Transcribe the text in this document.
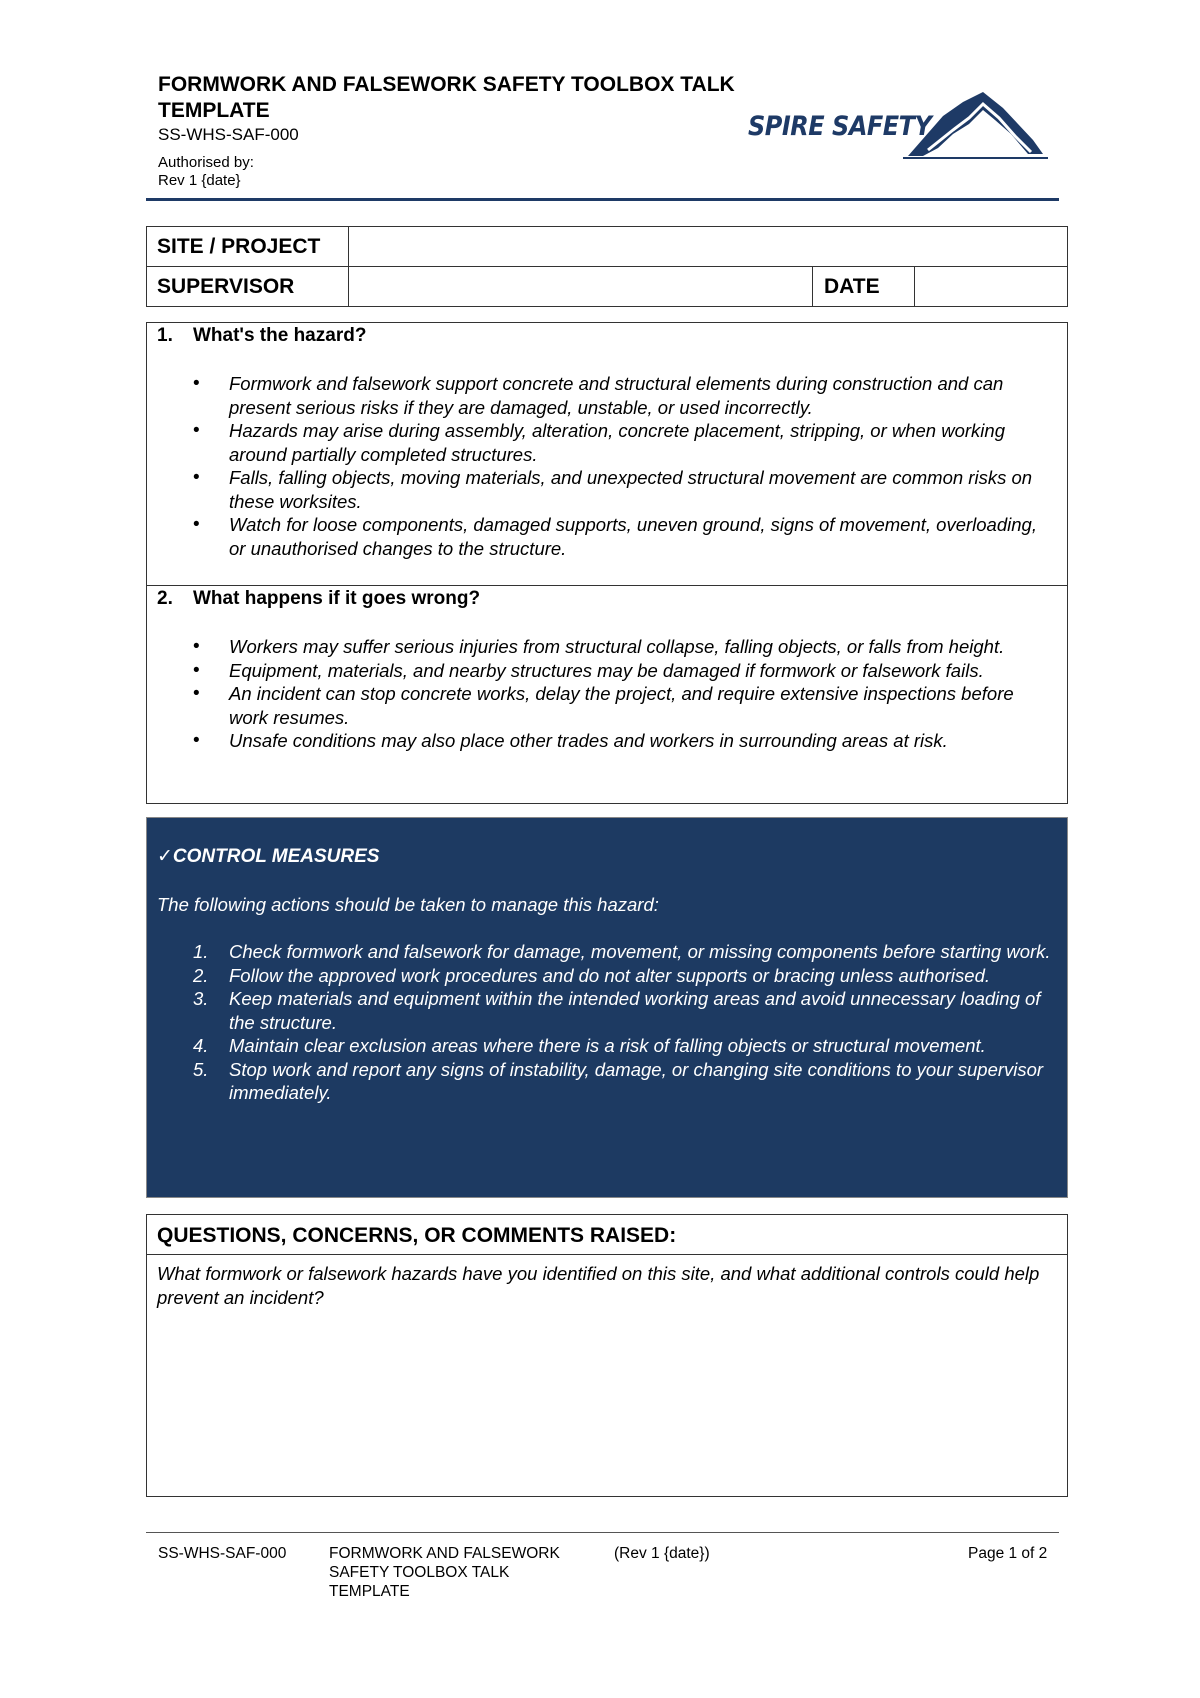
FORMWORK AND FALSEWORK SAFETY TOOLBOX TALK TEMPLATE
SS-WHS-SAF-000
Authorised by:
Rev 1 {date}
SPIRE SAFETY
SITE / PROJECT
SUPERVISOR	DATE
1. What's the hazard?
• Formwork and falsework support concrete and structural elements during construction and can present serious risks if they are damaged, unstable, or used incorrectly.
• Hazards may arise during assembly, alteration, concrete placement, stripping, or when working around partially completed structures.
• Falls, falling objects, moving materials, and unexpected structural movement are common risks on these worksites.
• Watch for loose components, damaged supports, uneven ground, signs of movement, overloading, or unauthorised changes to the structure.
2. What happens if it goes wrong?
• Workers may suffer serious injuries from structural collapse, falling objects, or falls from height.
• Equipment, materials, and nearby structures may be damaged if formwork or falsework fails.
• An incident can stop concrete works, delay the project, and require extensive inspections before work resumes.
• Unsafe conditions may also place other trades and workers in surrounding areas at risk.
✓CONTROL MEASURES
The following actions should be taken to manage this hazard:
1. Check formwork and falsework for damage, movement, or missing components before starting work.
2. Follow the approved work procedures and do not alter supports or bracing unless authorised.
3. Keep materials and equipment within the intended working areas and avoid unnecessary loading of the structure.
4. Maintain clear exclusion areas where there is a risk of falling objects or structural movement.
5. Stop work and report any signs of instability, damage, or changing site conditions to your supervisor immediately.
QUESTIONS, CONCERNS, OR COMMENTS RAISED:
What formwork or falsework hazards have you identified on this site, and what additional controls could help prevent an incident?
SS-WHS-SAF-000	FORMWORK AND FALSEWORK SAFETY TOOLBOX TALK TEMPLATE
(Rev 1 {date})	Page 1 of 2
